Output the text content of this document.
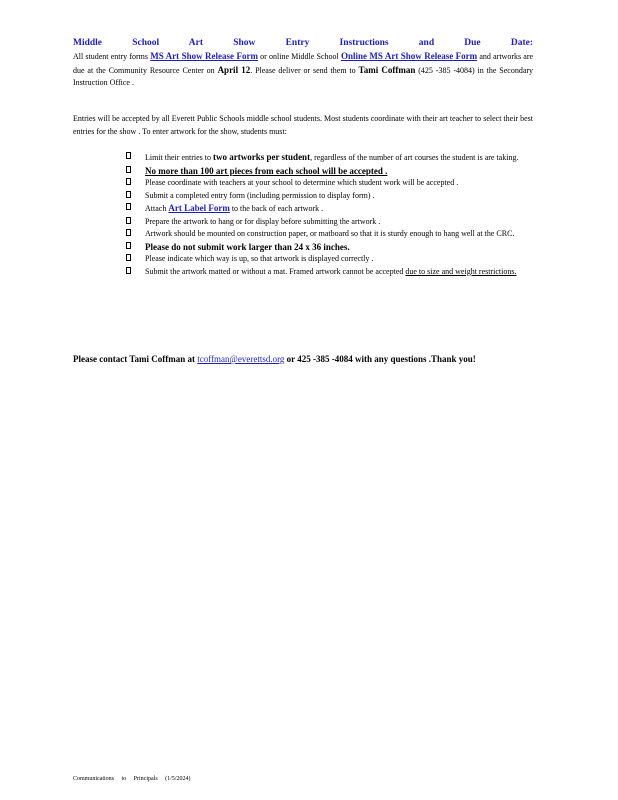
Middle School Art Show Entry Instructions and Due Date:
All student entry forms MS Art Show Release Form or online Middle School Online MS Art Show Release Form and artworks are due at the Community Resource Center on April 12. Please deliver or send them to Tami Coffman (425 -385 -4084) in the Secondary Instruction Office .
Entries will be accepted by all Everett Public Schools middle school students. Most students coordinate with their art teacher to select their best entries for the show . To enter artwork for the show, students must:
Limit their entries to two artworks per student, regardless of the number of art courses the student is are taking.
No more than 100 art pieces from each school will be accepted .
Please coordinate with teachers at your school to determine which student work will be accepted .
Submit a completed entry form (including permission to display form) .
Attach Art Label Form to the back of each artwork .
Prepare the artwork to hang or for display before submitting the artwork .
Artwork should be mounted on construction paper, or matboard so that it is sturdy enough to hang well at the CRC.
Please do not submit work larger than 24 x 36 inches.
Please indicate which way is up, so that artwork is displayed correctly .
Submit the artwork matted or without a mat. Framed artwork cannot be accepted due to size and weight restrictions.
Please contact Tami Coffman at tcoffman@everettsd.org or 425 -385 -4084 with any questions .Thank you!
Communications to Principals (1/5/2024)
